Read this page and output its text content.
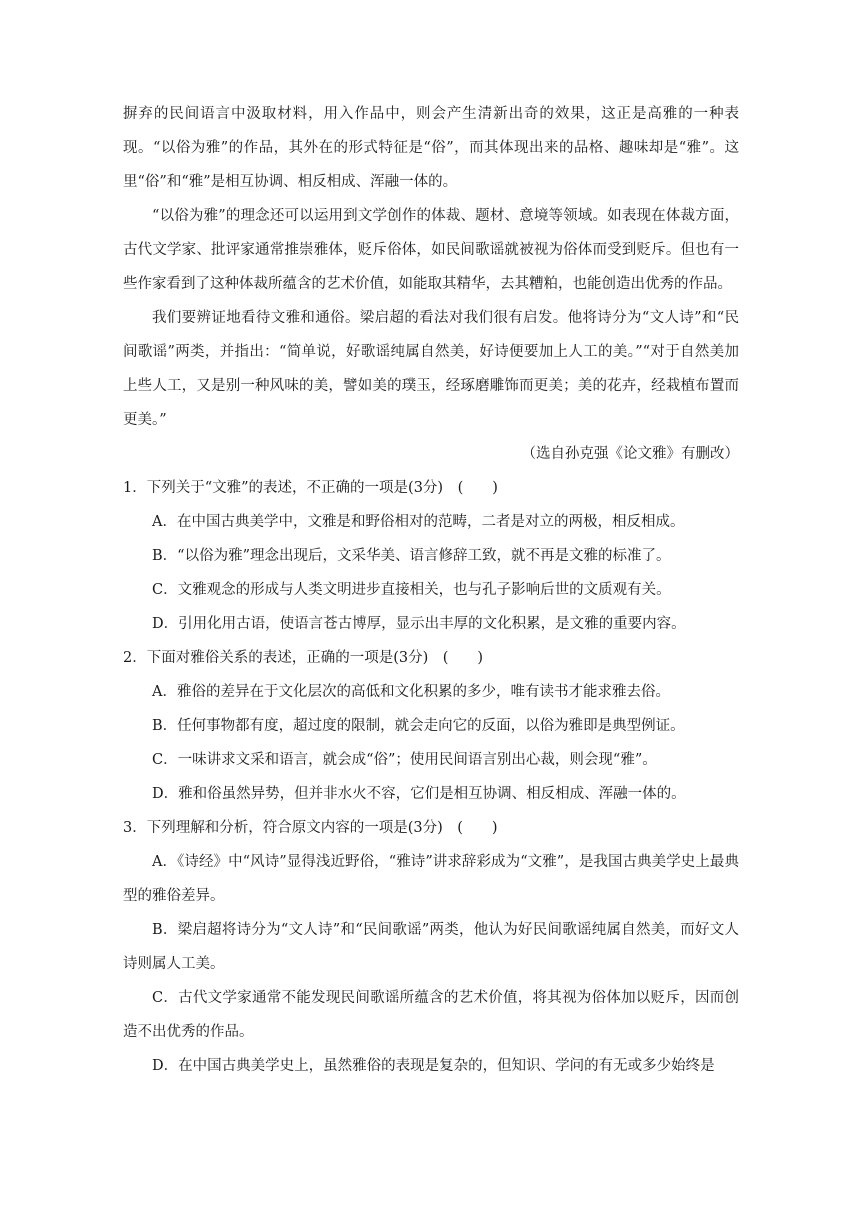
摒弃的民间语言中汲取材料，用入作品中，则会产生清新出奇的效果，这正是高雅的一种表现。“以俗为雅”的作品，其外在的形式特征是“俗”，而其体现出来的品格、趣味却是“雅”。这里“俗”和“雅”是相互协调、相反相成、浑融一体的。

“以俗为雅”的理念还可以运用到文学创作的体裁、题材、意境等领域。如表现在体裁方面，古代文学家、批评家通常推崇雅体，贬斥俗体，如民间歌谣就被视为俗体而受到贬斥。但也有一些作家看到了这种体裁所蕴含的艺术价值，如能取其精华，去其糟粕，也能创造出优秀的作品。

我们要辨证地看待文雅和通俗。梁启超的看法对我们很有启发。他将诗分为“文人诗”和“民间歌谣”两类，并指出：“简单说，好歌谣纯属自然美，好诗便要加上人工的美。”“对于自然美加上些人工，又是别一种风味的美，譬如美的璞玉，经琢磨雕饰而更美；美的花卉，经栽植布置而更美。”

（选自孙克强《论文雅》有删改）

1．下列关于“文雅”的表述，不正确的一项是(3分)　(　　)

A．在中国古典美学中，文雅是和野俗相对的范畴，二者是对立的两极，相反相成。

B．“以俗为雅”理念出现后，文采华美、语言修辞工致，就不再是文雅的标准了。

C．文雅观念的形成与人类文明进步直接相关，也与孔子影响后世的文质观有关。

D．引用化用古语，使语言苍古博厚，显示出丰厚的文化积累，是文雅的重要内容。

2．下面对雅俗关系的表述，正确的一项是(3分)　(　　)

A．雅俗的差异在于文化层次的高低和文化积累的多少，唯有读书才能求雅去俗。

B．任何事物都有度，超过度的限制，就会走向它的反面，以俗为雅即是典型例证。

C．一味讲求文采和语言，就会成“俗”；使用民间语言别出心裁，则会现“雅”。

D．雅和俗虽然异势，但并非水火不容，它们是相互协调、相反相成、浑融一体的。

3．下列理解和分析，符合原文内容的一项是(3分)　(　　)

A．《诗经》中“风诗”显得浅近野俗，“雅诗”讲求辞彩成为“文雅”，是我国古典美学史上最典型的雅俗差异。

B．梁启超将诗分为“文人诗”和“民间歌谣”两类，他认为好民间歌谣纯属自然美，而好文人诗则属人工美。

C．古代文学家通常不能发现民间歌谣所蕴含的艺术价值，将其视为俗体加以贬斥，因而创造不出优秀的作品。

D．在中国古典美学史上，虽然雅俗的表现是复杂的，但知识、学问的有无或多少始终是
